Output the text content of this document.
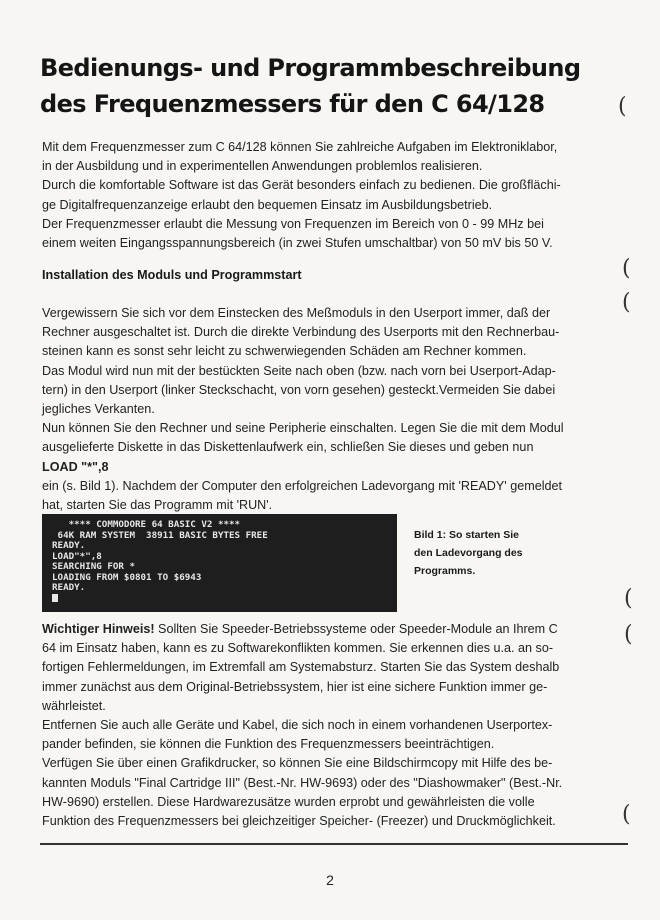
Bedienungs- und Programmbeschreibung
des Frequenzmessers für den C 64/128

Mit dem Frequenzmesser zum C 64/128 können Sie zahlreiche Aufgaben im Elektroniklabor,
in der Ausbildung und in experimentellen Anwendungen problemlos realisieren.
Durch die komfortable Software ist das Gerät besonders einfach zu bedienen. Die großflächi-
ge Digitalfrequenzanzeige erlaubt den bequemen Einsatz im Ausbildungsbetrieb.
Der Frequenzmesser erlaubt die Messung von Frequenzen im Bereich von 0 - 99 MHz bei
einem weiten Eingangsspannungsbereich (in zwei Stufen umschaltbar) von 50 mV bis 50 V.

Installation des Moduls und Programmstart

Vergewissern Sie sich vor dem Einstecken des Meßmoduls in den Userport immer, daß der
Rechner ausgeschaltet ist. Durch die direkte Verbindung des Userports mit den Rechnerbau-
steinen kann es sonst sehr leicht zu schwerwiegenden Schäden am Rechner kommen.
Das Modul wird nun mit der bestückten Seite nach oben (bzw. nach vorn bei Userport-Adap-
tern) in den Userport (linker Steckschacht, von vorn gesehen) gesteckt.Vermeiden Sie dabei
jegliches Verkanten.
Nun können Sie den Rechner und seine Peripherie einschalten. Legen Sie die mit dem Modul
ausgelieferte Diskette in das Diskettenlaufwerk ein, schließen Sie dieses und geben nun
LOAD "*",8
ein (s. Bild 1). Nachdem der Computer den erfolgreichen Ladevorgang mit 'READY' gemeldet
hat, starten Sie das Programm mit 'RUN'.

**** COMMODORE 64 BASIC V2 ****
64K RAM SYSTEM  38911 BASIC BYTES FREE
READY.
LOAD"*",8
SEARCHING FOR *
LOADING FROM $0801 TO $6943
READY.

Bild 1: So starten Sie
den Ladevorgang des
Programms.

Wichtiger Hinweis! Sollten Sie Speeder-Betriebssysteme oder Speeder-Module an Ihrem C
64 im Einsatz haben, kann es zu Softwarekonflikten kommen. Sie erkennen dies u.a. an so-
fortigen Fehlermeldungen, im Extremfall am Systemabsturz. Starten Sie das System deshalb
immer zunächst aus dem Original-Betriebssystem, hier ist eine sichere Funktion immer ge-
währleistet.
Entfernen Sie auch alle Geräte und Kabel, die sich noch in einem vorhandenen Userportex-
pander befinden, sie können die Funktion des Frequenzmessers beeinträchtigen.
Verfügen Sie über einen Grafikdrucker, so können Sie eine Bildschirmcopy mit Hilfe des be-
kannten Moduls "Final Cartridge III" (Best.-Nr. HW-9693) oder des "Diashowmaker" (Best.-Nr.
HW-9690) erstellen. Diese Hardwarezusätze wurden erprobt und gewährleisten die volle
Funktion des Frequenzmessers bei gleichzeitiger Speicher- (Freezer) und Druckmöglichkeit.

(
(
(
(
(
(
2
